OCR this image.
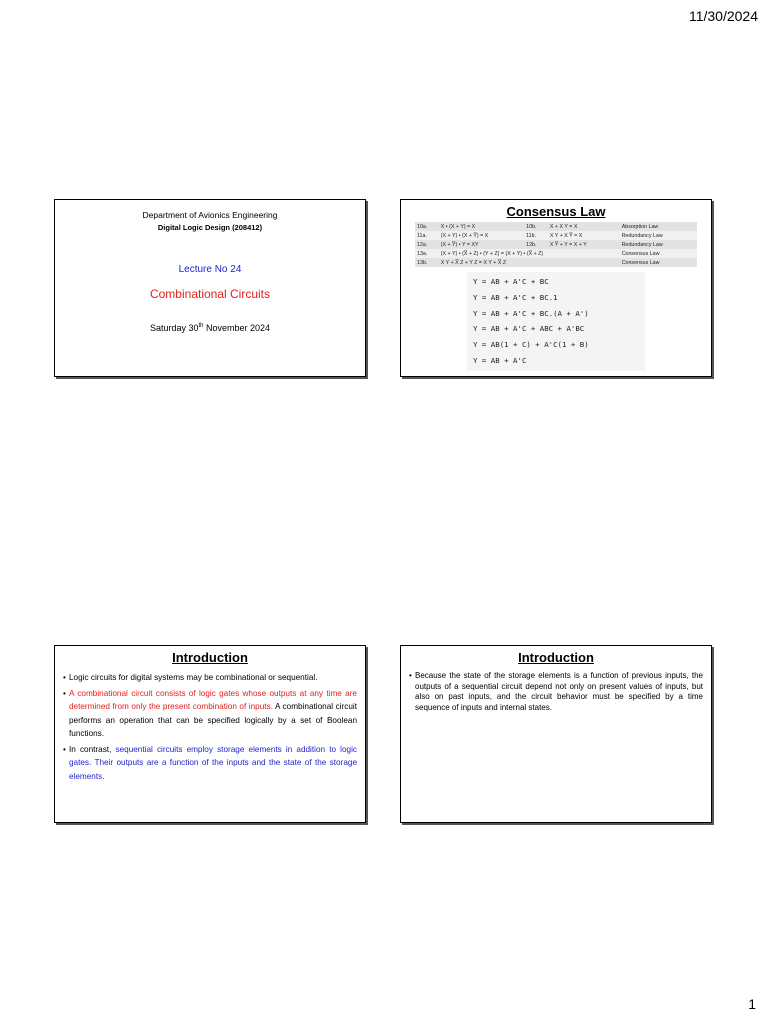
11/30/2024
Department of Avionics Engineering
Digital Logic Design (208412)
Lecture No 24
Combinational Circuits
Saturday 30th November 2024
Consensus Law
10a.	X • (X + Y) = X	10b.	X + X Y = X	Absorption Law
11a.	(X + Y) • (X + Y̅) = X	11b.	X Y + X Y̅ = X	Redundancy Law
12a.	(X + Y̅) • Y = XY	12b.	X Y̅ + Y = X + Y	Redundancy Law
13a.	(X + Y) • (X̅ + Z) • (Y + Z) = (X + Y) • (X̅ + Z)			Consensus Law
13b.	X Y + X̅ Z + Y Z = X Y + X̅ Z			Consensus Law
Y = AB + A'C + BC
Y = AB + A'C + BC.1
Y = AB + A'C + BC.(A + A')
Y = AB + A'C + ABC + A'BC
Y = AB(1 + C) + A'C(1 + B)
Y = AB + A'C
Introduction
• Logic circuits for digital systems may be combinational or sequential.
• A combinational circuit consists of logic gates whose outputs at any time are determined from only the present combination of inputs. A combinational circuit performs an operation that can be specified logically by a set of Boolean functions.
• In contrast, sequential circuits employ storage elements in addition to logic gates. Their outputs are a function of the inputs and the state of the storage elements.
Introduction
• Because the state of the storage elements is a function of previous inputs, the outputs of a sequential circuit depend not only on present values of inputs, but also on past inputs, and the circuit behavior must be specified by a time sequence of inputs and internal states.
1
